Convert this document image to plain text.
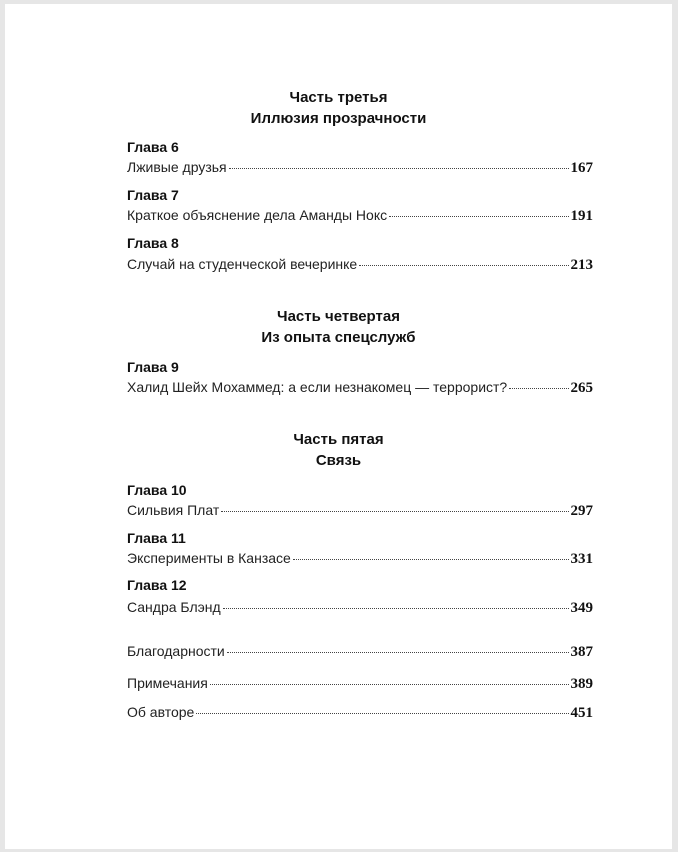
Часть третья
Иллюзия прозрачности
Глава 6
Лживые друзья	167
Глава 7
Краткое объяснение дела Аманды Нокс	191
Глава 8
Случай на студенческой вечеринке	213
Часть четвертая
Из опыта спецслужб
Глава 9
Халид Шейх Мохаммед: а если незнакомец — террорист?	265
Часть пятая
Связь
Глава 10
Сильвия Плат	297
Глава 11
Эксперименты в Канзасе	331
Глава 12
Сандра Блэнд	349
Благодарности	387
Примечания	389
Об авторе	451
